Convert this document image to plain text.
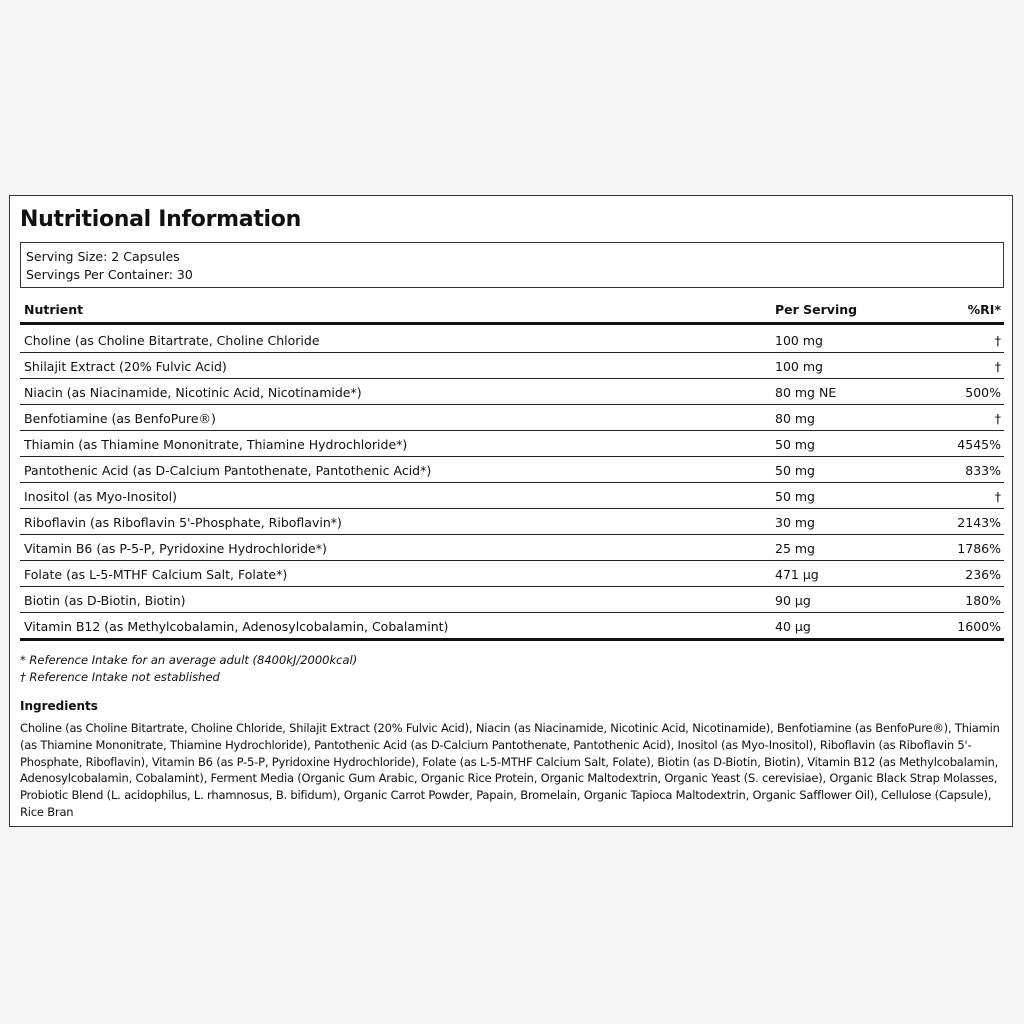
Nutritional Information
Serving Size: 2 Capsules
Servings Per Container: 30
Nutrient	Per Serving	%RI*
Choline (as Choline Bitartrate, Choline Chloride	100 mg	†
Shilajit Extract (20% Fulvic Acid)	100 mg	†
Niacin (as Niacinamide, Nicotinic Acid, Nicotinamide*)	80 mg NE	500%
Benfotiamine (as BenfoPure®)	80 mg	†
Thiamin (as Thiamine Mononitrate, Thiamine Hydrochloride*)	50 mg	4545%
Pantothenic Acid (as D-Calcium Pantothenate, Pantothenic Acid*)	50 mg	833%
Inositol (as Myo-Inositol)	50 mg	†
Riboflavin (as Riboflavin 5'-Phosphate, Riboflavin*)	30 mg	2143%
Vitamin B6 (as P-5-P, Pyridoxine Hydrochloride*)	25 mg	1786%
Folate (as L-5-MTHF Calcium Salt, Folate*)	471 µg	236%
Biotin (as D-Biotin, Biotin)	90 µg	180%
Vitamin B12 (as Methylcobalamin, Adenosylcobalamin, Cobalamint)	40 µg	1600%
* Reference Intake for an average adult (8400kJ/2000kcal)
† Reference Intake not established
Ingredients
Choline (as Choline Bitartrate, Choline Chloride, Shilajit Extract (20% Fulvic Acid), Niacin (as Niacinamide, Nicotinic Acid, Nicotinamide), Benfotiamine (as BenfoPure®), Thiamin (as Thiamine Mononitrate, Thiamine Hydrochloride), Pantothenic Acid (as D-Calcium Pantothenate, Pantothenic Acid), Inositol (as Myo-Inositol), Riboflavin (as Riboflavin 5'-Phosphate, Riboflavin), Vitamin B6 (as P-5-P, Pyridoxine Hydrochloride), Folate (as L-5-MTHF Calcium Salt, Folate), Biotin (as D-Biotin, Biotin), Vitamin B12 (as Methylcobalamin, Adenosylcobalamin, Cobalamint), Ferment Media (Organic Gum Arabic, Organic Rice Protein, Organic Maltodextrin, Organic Yeast (S. cerevisiae), Organic Black Strap Molasses, Probiotic Blend (L. acidophilus, L. rhamnosus, B. bifidum), Organic Carrot Powder, Papain, Bromelain, Organic Tapioca Maltodextrin, Organic Safflower Oil), Cellulose (Capsule), Rice Bran
